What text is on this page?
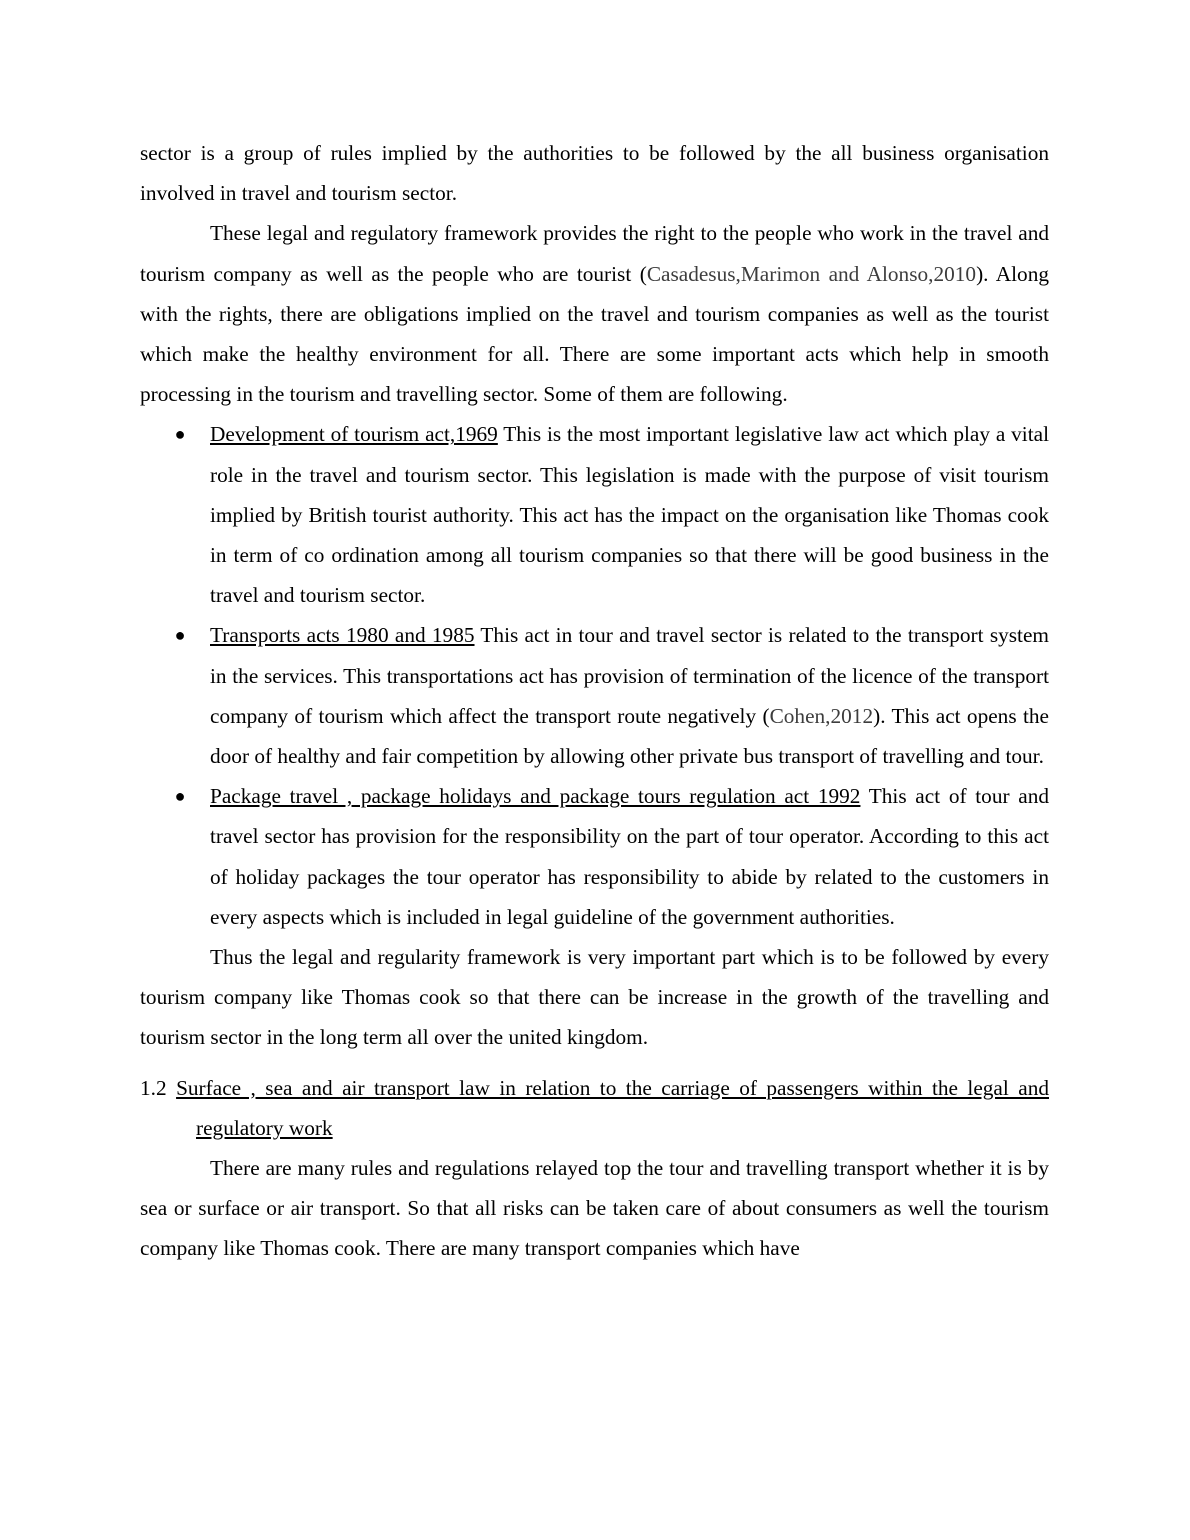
sector is a group of rules implied by the authorities to be followed by the all business organisation involved in travel and tourism sector.

These legal and regulatory framework provides the right to the people who work in the travel and tourism company as well as the people who are tourist (Casadesus,Marimon and Alonso,2010). Along with the rights, there are obligations implied on the travel and tourism companies as well as the tourist which make the healthy environment for all. There are some important acts which help in smooth processing in the tourism and travelling sector. Some of them are following.

● Development of tourism act,1969 This is the most important legislative law act which play a vital role in the travel and tourism sector. This legislation is made with the purpose of visit tourism implied by British tourist authority. This act has the impact on the organisation like Thomas cook in term of co ordination among all tourism companies so that there will be good business in the travel and tourism sector.
● Transports acts 1980 and 1985 This act in tour and travel sector is related to the transport system in the services. This transportations act has provision of termination of the licence of the transport company of tourism which affect the transport route negatively (Cohen,2012). This act opens the door of healthy and fair competition by allowing other private bus transport of travelling and tour.
● Package travel , package holidays and package tours regulation act 1992 This act of tour and travel sector has provision for the responsibility on the part of tour operator. According to this act of holiday packages the tour operator has responsibility to abide by related to the customers in every aspects which is included in legal guideline of the government authorities.

Thus the legal and regularity framework is very important part which is to be followed by every tourism company like Thomas cook so that there can be increase in the growth of the travelling and tourism sector in the long term all over the united kingdom.

1.2 Surface , sea and air transport law in relation to the carriage of passengers within the legal and regulatory work

There are many rules and regulations relayed top the tour and travelling transport whether it is by sea or surface or air transport. So that all risks can be taken care of about consumers as well the tourism company like Thomas cook. There are many transport companies which have
